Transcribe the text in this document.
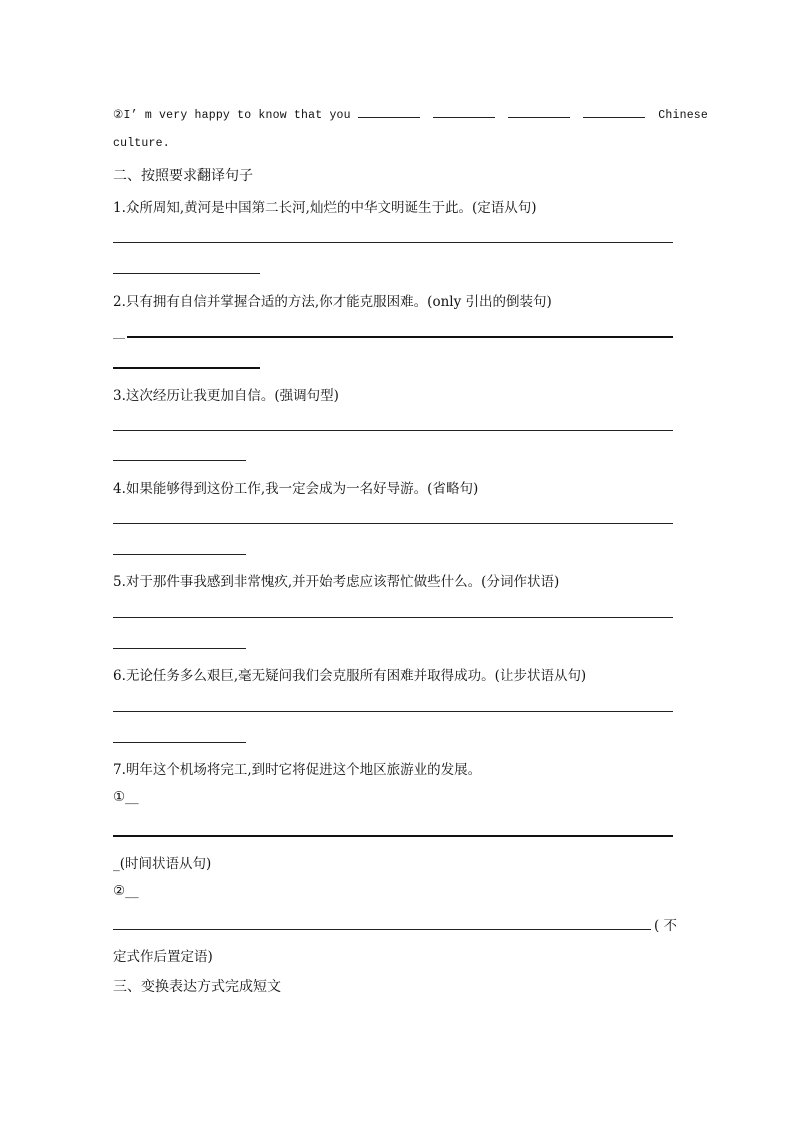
②I’ m very happy to know that you	Chinese
culture.
二、按照要求翻译句子
1.众所周知,黄河是中国第二长河,灿烂的中华文明诞生于此。(定语从句)
2.只有拥有自信并掌握合适的方法,你才能克服困难。(only 引出的倒装句)
__
3.这次经历让我更加自信。(强调句型)
4.如果能够得到这份工作,我一定会成为一名好导游。(省略句)
5.对于那件事我感到非常愧疚,并开始考虑应该帮忙做些什么。(分词作状语)
6.无论任务多么艰巨,毫无疑问我们会克服所有困难并取得成功。(让步状语从句)
7.明年这个机场将完工,到时它将促进这个地区旅游业的发展。
①__
_(时间状语从句)
②__
( 不
定式作后置定语)
三、变换表达方式完成短文
